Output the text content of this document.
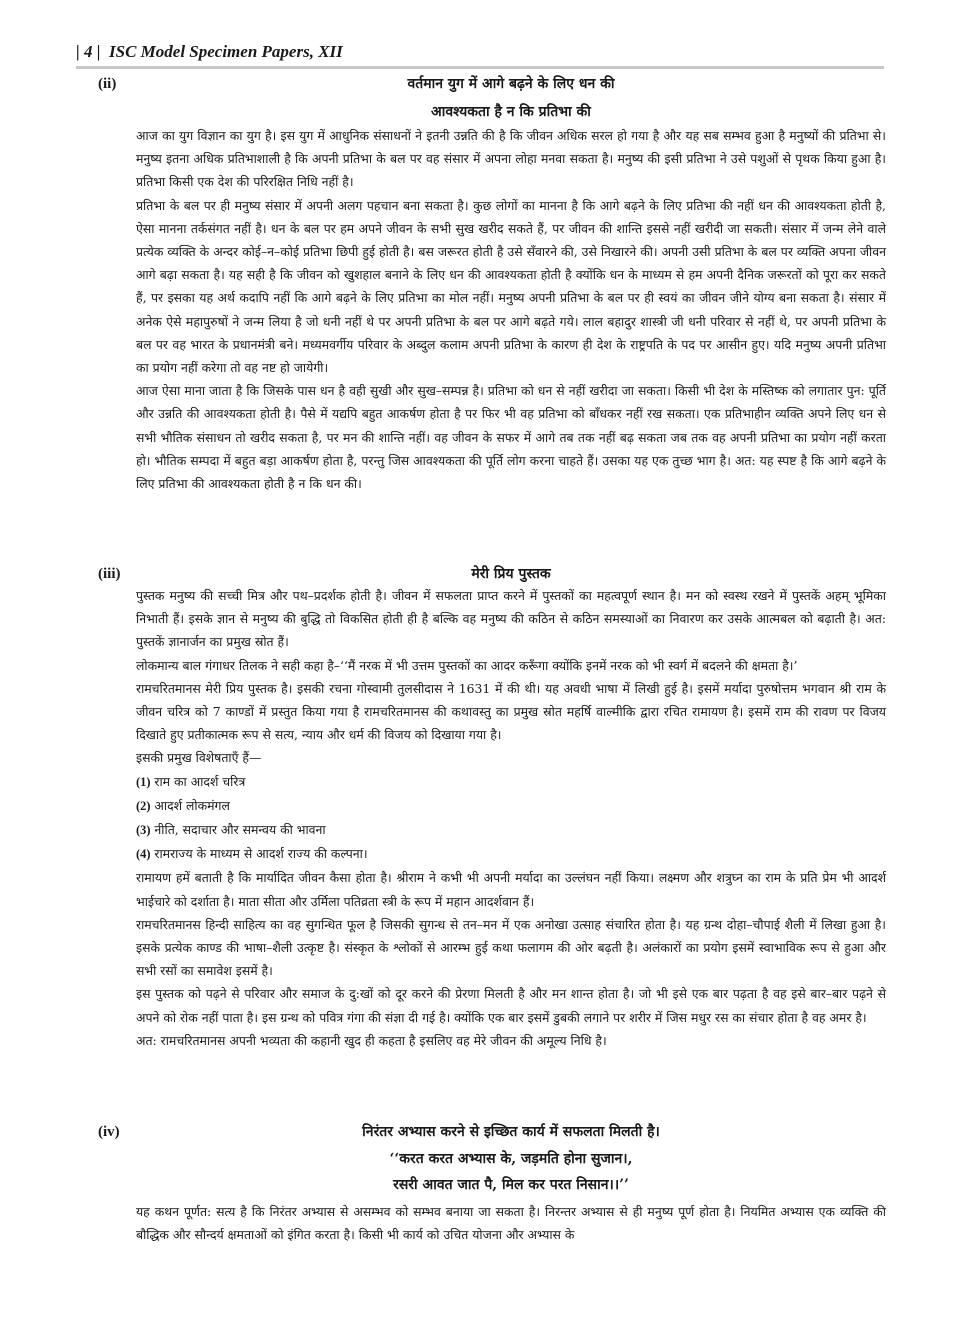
| 4 |  ISC Model Specimen Papers, XII
(ii)	वर्तमान युग में आगे बढ़ने के लिए धन की
आवश्यकता है न कि प्रतिभा की

आज का युग विज्ञान का युग है। इस युग में आधुनिक संसाधनों ने इतनी उन्नति की है कि जीवन अधिक सरल हो गया है और यह सब सम्भव हुआ है मनुष्यों की प्रतिभा से। मनुष्य इतना अधिक प्रतिभाशाली है कि अपनी प्रतिभा के बल पर वह संसार में अपना लोहा मनवा सकता है। मनुष्य की इसी प्रतिभा ने उसे पशुओं से पृथक किया हुआ है। प्रतिभा किसी एक देश की परिरक्षित निधि नहीं है।

प्रतिभा के बल पर ही मनुष्य संसार में अपनी अलग पहचान बना सकता है। कुछ लोगों का मानना है कि आगे बढ़ने के लिए प्रतिभा की नहीं धन की आवश्यकता होती है, ऐसा मानना तर्कसंगत नहीं है। धन के बल पर हम अपने जीवन के सभी सुख खरीद सकते हैं, पर जीवन की शान्ति इससे नहीं खरीदी जा सकती। संसार में जन्म लेने वाले प्रत्येक व्यक्ति के अन्दर कोई–न–कोई प्रतिभा छिपी हुई होती है। बस जरूरत होती है उसे सँवारने की, उसे निखारने की। अपनी उसी प्रतिभा के बल पर व्यक्ति अपना जीवन आगे बढ़ा सकता है। यह सही है कि जीवन को खुशहाल बनाने के लिए धन की आवश्यकता होती है क्योंकि धन के माध्यम से हम अपनी दैनिक जरूरतों को पूरा कर सकते हैं, पर इसका यह अर्थ कदापि नहीं कि आगे बढ़ने के लिए प्रतिभा का मोल नहीं। मनुष्य अपनी प्रतिभा के बल पर ही स्वयं का जीवन जीने योग्य बना सकता है। संसार में अनेक ऐसे महापुरुषों ने जन्म लिया है जो धनी नहीं थे पर अपनी प्रतिभा के बल पर आगे बढ़ते गये। लाल बहादुर शास्त्री जी धनी परिवार से नहीं थे, पर अपनी प्रतिभा के बल पर वह भारत के प्रधानमंत्री बने। मध्यमवर्गीय परिवार के अब्दुल कलाम अपनी प्रतिभा के कारण ही देश के राष्ट्रपति के पद पर आसीन हुए। यदि मनुष्य अपनी प्रतिभा का प्रयोग नहीं करेगा तो वह नष्ट हो जायेगी।

आज ऐसा माना जाता है कि जिसके पास धन है वही सुखी और सुख–सम्पन्न है। प्रतिभा को धन से नहीं खरीदा जा सकता। किसी भी देश के मस्तिष्क को लगातार पुन: पूर्ति और उन्नति की आवश्यकता होती है। पैसे में यद्यपि बहुत आकर्षण होता है पर फिर भी वह प्रतिभा को बाँधकर नहीं रख सकता। एक प्रतिभाहीन व्यक्ति अपने लिए धन से सभी भौतिक संसाधन तो खरीद सकता है, पर मन की शान्ति नहीं। वह जीवन के सफर में आगे तब तक नहीं बढ़ सकता जब तक वह अपनी प्रतिभा का प्रयोग नहीं करता हो। भौतिक सम्पदा में बहुत बड़ा आकर्षण होता है, परन्तु जिस आवश्यकता की पूर्ति लोग करना चाहते हैं। उसका यह एक तुच्छ भाग है। अत: यह स्पष्ट है कि आगे बढ़ने के लिए प्रतिभा की आवश्यकता होती है न कि धन की।

(iii)	मेरी प्रिय पुस्तक

पुस्तक मनुष्य की सच्ची मित्र और पथ–प्रदर्शक होती है। जीवन में सफलता प्राप्त करने में पुस्तकों का महत्वपूर्ण स्थान है। मन को स्वस्थ रखने में पुस्तकें अहम् भूमिका निभाती हैं। इसके ज्ञान से मनुष्य की बुद्धि तो विकसित होती ही है बल्कि वह मनुष्य की कठिन से कठिन समस्याओं का निवारण कर उसके आत्मबल को बढ़ाती है। अत: पुस्तकें ज्ञानार्जन का प्रमुख स्रोत हैं।

लोकमान्य बाल गंगाधर तिलक ने सही कहा है–‘‘मैं नरक में भी उत्तम पुस्तकों का आदर करूँगा क्योंकि इनमें नरक को भी स्वर्ग में बदलने की क्षमता है।’

रामचरितमानस मेरी प्रिय पुस्तक है। इसकी रचना गोस्वामी तुलसीदास ने 1631 में की थी। यह अवधी भाषा में लिखी हुई है। इसमें मर्यादा पुरुषोत्तम भगवान श्री राम के जीवन चरित्र को 7 काण्डों में प्रस्तुत किया गया है रामचरितमानस की कथावस्तु का प्रमुख स्रोत महर्षि वाल्मीकि द्वारा रचित रामायण है। इसमें राम की रावण पर विजय दिखाते हुए प्रतीकात्मक रूप से सत्य, न्याय और धर्म की विजय को दिखाया गया है।

इसकी प्रमुख विशेषताएँ हैं—

(1) राम का आदर्श चरित्र

(2) आदर्श लोकमंगल

(3) नीति, सदाचार और समन्वय की भावना

(4) रामराज्य के माध्यम से आदर्श राज्य की कल्पना।

रामायण हमें बताती है कि मार्यादित जीवन कैसा होता है। श्रीराम ने कभी भी अपनी मर्यादा का उल्लंघन नहीं किया। लक्ष्मण और शत्रुघ्न का राम के प्रति प्रेम भी आदर्श भाईचारे को दर्शाता है। माता सीता और उर्मिला पतिव्रता स्त्री के रूप में महान आदर्शवान हैं।

रामचरितमानस हिन्दी साहित्य का वह सुगन्धित फूल है जिसकी सुगन्ध से तन–मन में एक अनोखा उत्साह संचारित होता है। यह ग्रन्थ दोहा–चौपाई शैली में लिखा हुआ है। इसके प्रत्येक काण्ड की भाषा–शैली उत्कृष्ट है। संस्कृत के श्लोकों से आरम्भ हुई कथा फलागम की ओर बढ़ती है। अलंकारों का प्रयोग इसमें स्वाभाविक रूप से हुआ और सभी रसों का समावेश इसमें है।

इस पुस्तक को पढ़ने से परिवार और समाज के दु:खों को दूर करने की प्रेरणा मिलती है और मन शान्त होता है। जो भी इसे एक बार पढ़ता है वह इसे बार–बार पढ़ने से अपने को रोक नहीं पाता है। इस ग्रन्थ को पवित्र गंगा की संज्ञा दी गई है। क्योंकि एक बार इसमें डुबकी लगाने पर शरीर में जिस मधुर रस का संचार होता है वह अमर है।

अत: रामचरितमानस अपनी भव्यता की कहानी खुद ही कहता है इसलिए वह मेरे जीवन की अमूल्य निधि है।

(iv)	निरंतर अभ्यास करने से इच्छित कार्य में सफलता मिलती है।
‘‘करत करत अभ्यास के, जड़मति होना सुजान।,
रसरी आवत जात पै, मिल कर परत निसान।।’’

यह कथन पूर्णत: सत्य है कि निरंतर अभ्यास से असम्भव को सम्भव बनाया जा सकता है। निरन्तर अभ्यास से ही मनुष्य पूर्ण होता है। नियमित अभ्यास एक व्यक्ति की बौद्धिक और सौन्दर्य क्षमताओं को इंगित करता है। किसी भी कार्य को उचित योजना और अभ्यास के
